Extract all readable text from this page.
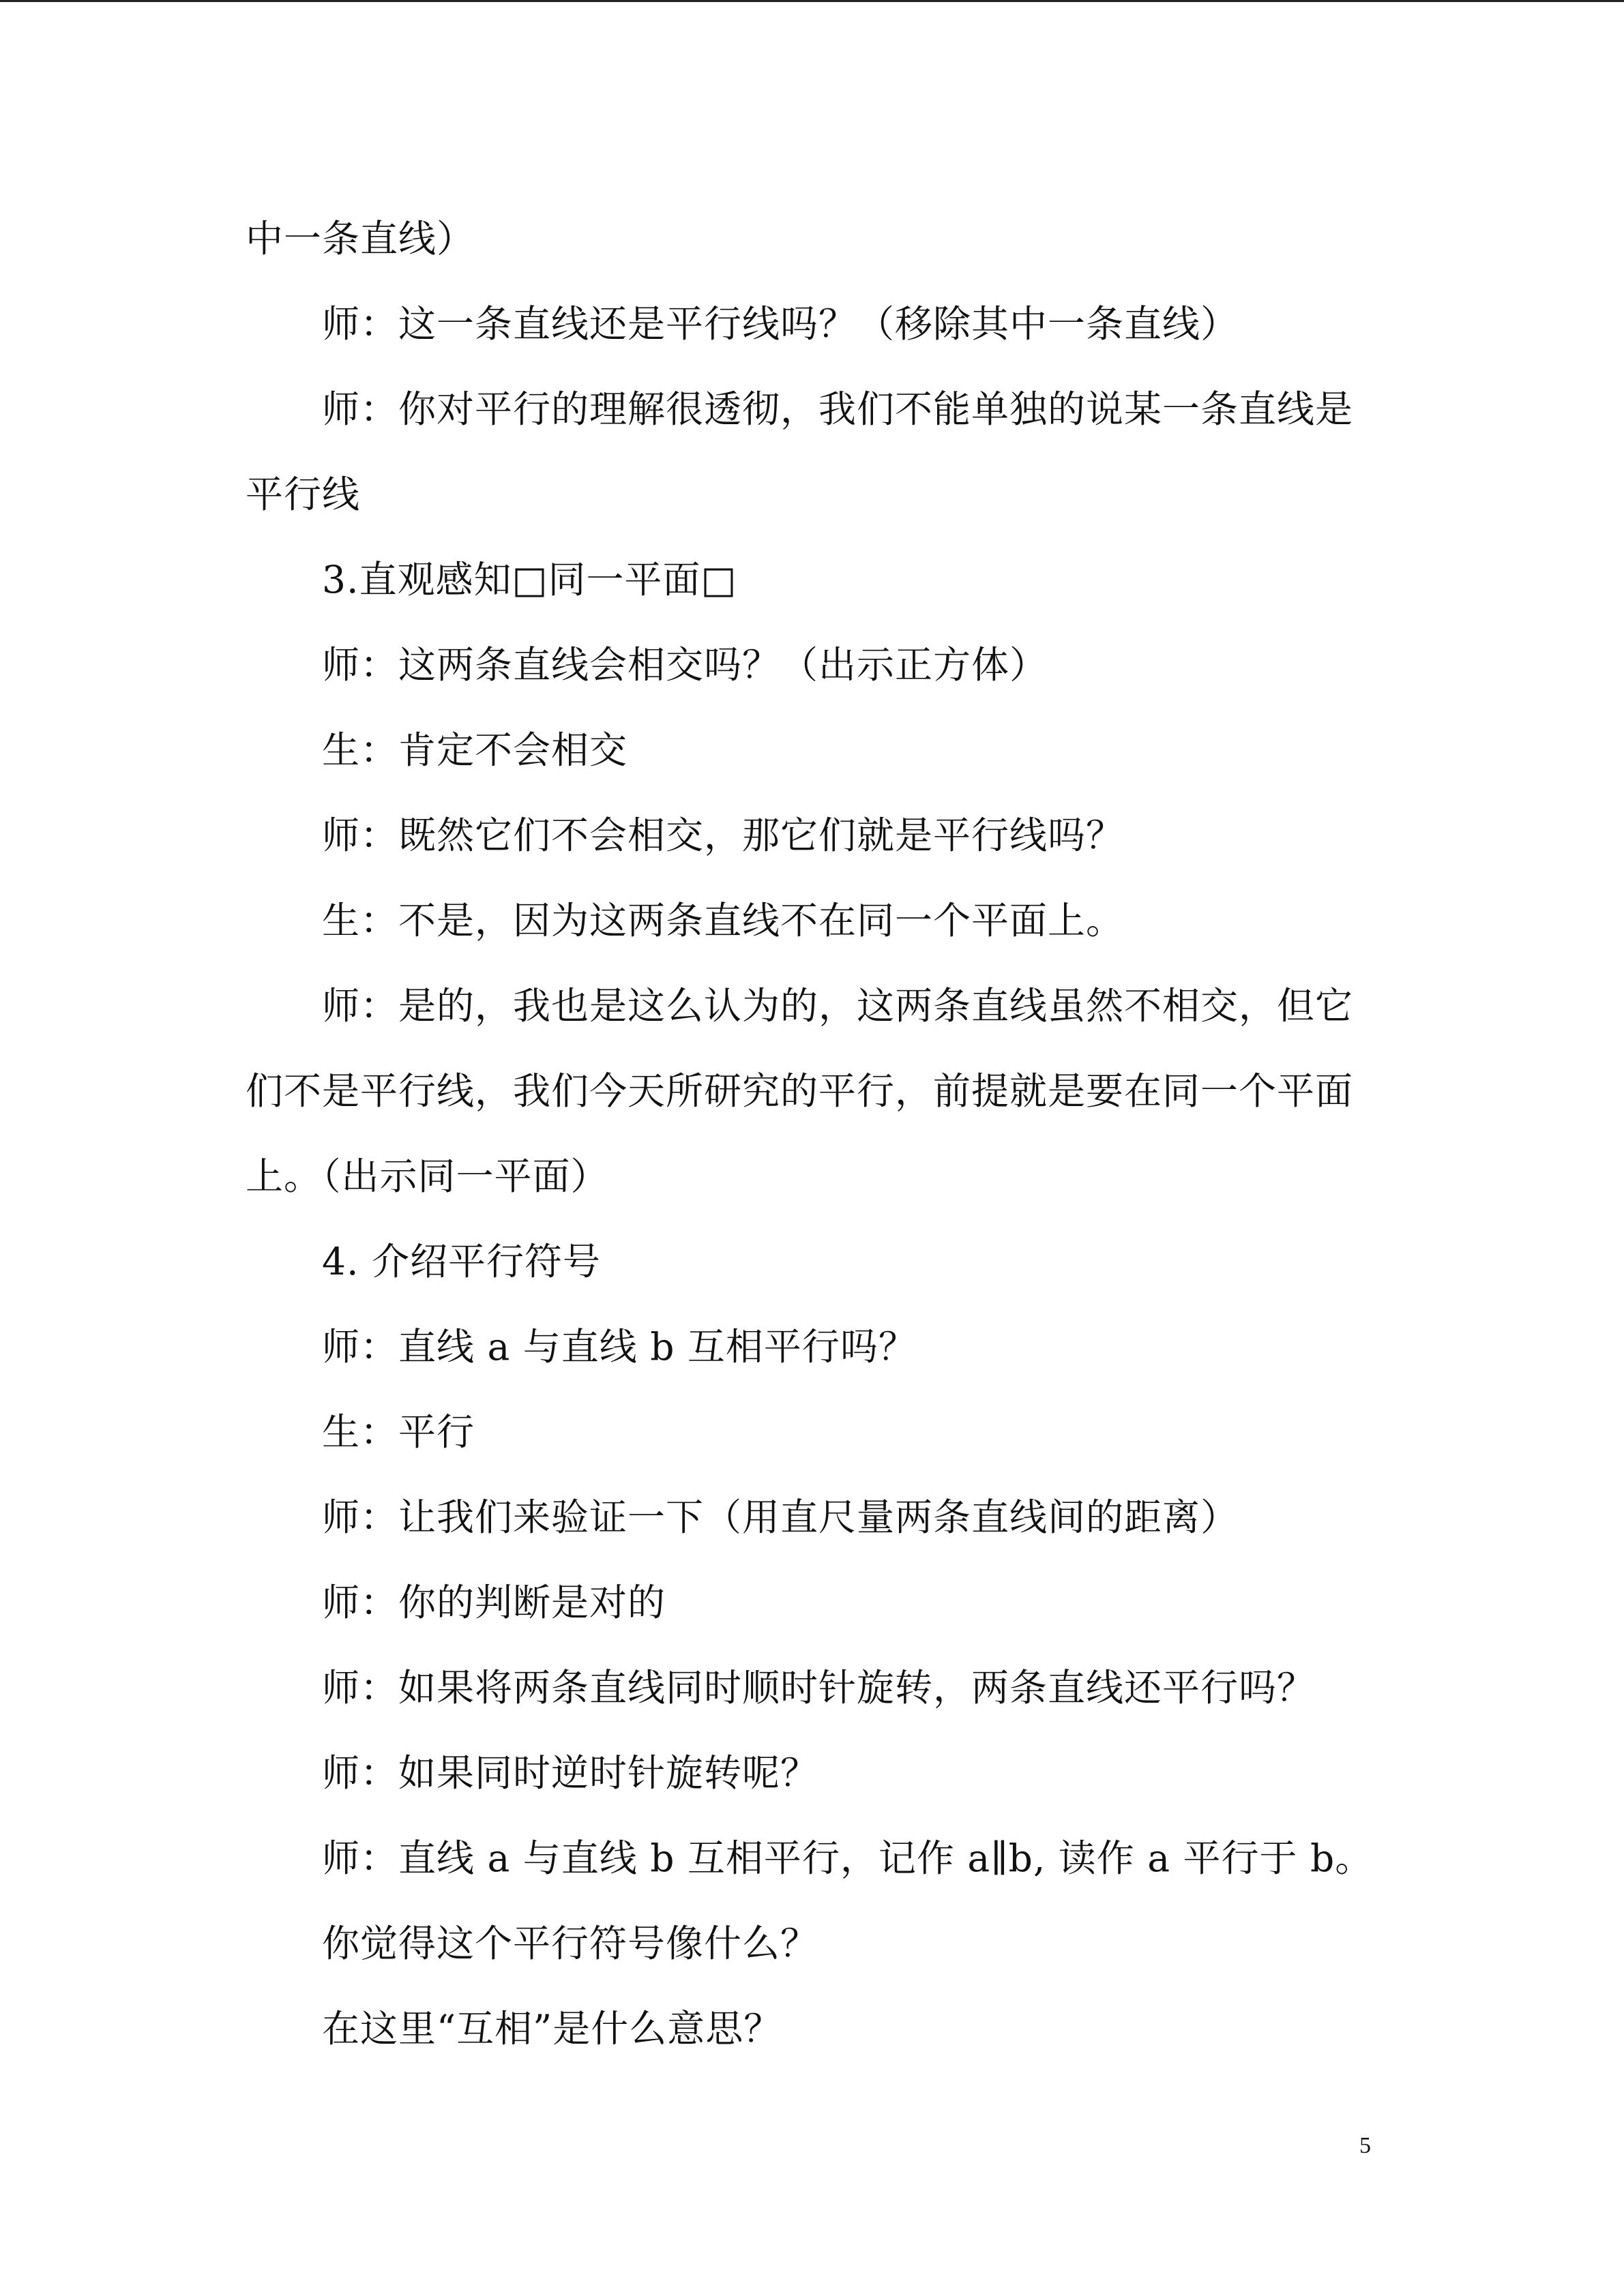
中一条直线）
师：这一条直线还是平行线吗？（移除其中一条直线）
师：你对平行的理解很透彻，我们不能单独的说某一条直线是
平行线
3.直观感知□同一平面□
师：这两条直线会相交吗？（出示正方体）
生：肯定不会相交
师：既然它们不会相交，那它们就是平行线吗？
生：不是，因为这两条直线不在同一个平面上。
师：是的，我也是这么认为的，这两条直线虽然不相交，但它
们不是平行线，我们今天所研究的平行，前提就是要在同一个平面
上。（出示同一平面）
4. 介绍平行符号
师：直线 a 与直线 b 互相平行吗？
生：平行
师：让我们来验证一下（用直尺量两条直线间的距离）
师：你的判断是对的
师：如果将两条直线同时顺时针旋转，两条直线还平行吗？
师：如果同时逆时针旋转呢？
师：直线 a 与直线 b 互相平行，记作 a∥b, 读作 a 平行于 b。
你觉得这个平行符号像什么？
在这里“互相”是什么意思？
5
